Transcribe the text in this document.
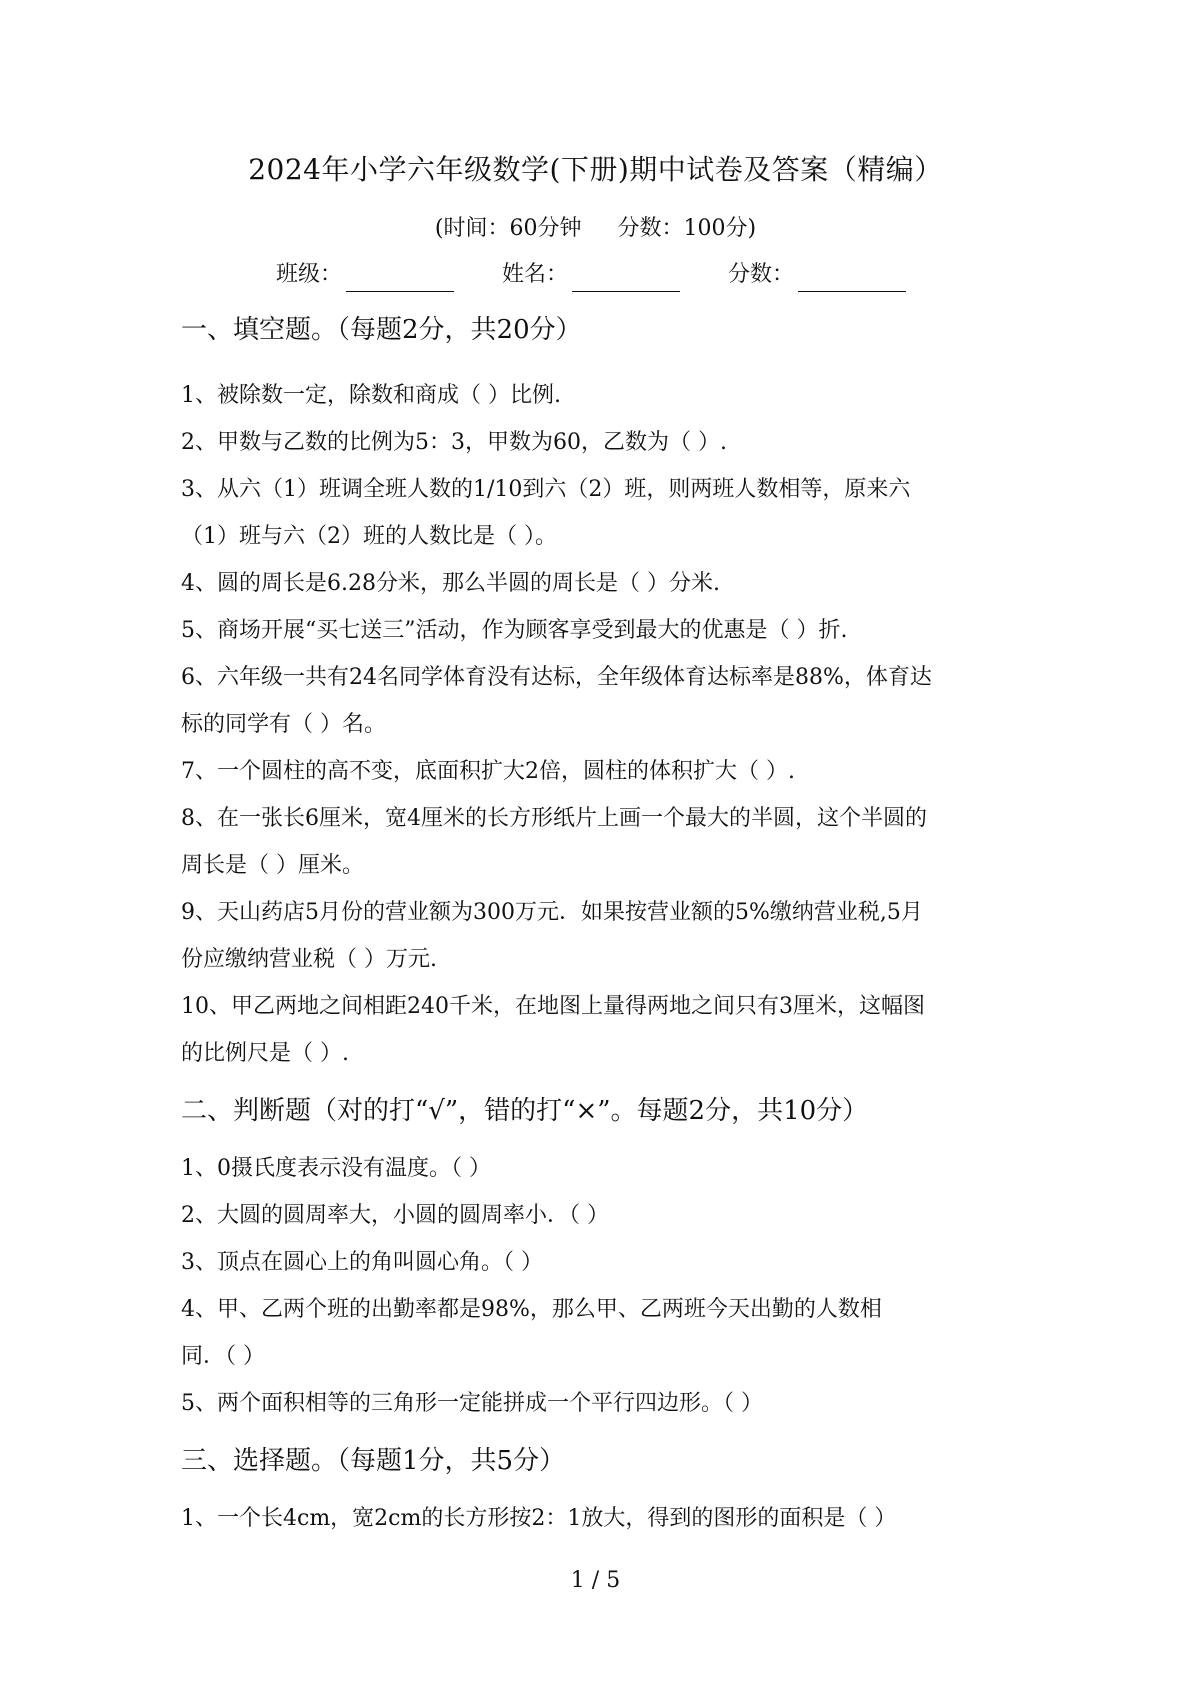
2024年小学六年级数学(下册)期中试卷及答案（精编）
(时间：60分钟 分数：100分)
班级：	姓名：	分数：

一、填空题。（每题2分，共20分）

1、被除数一定，除数和商成（ ）比例.

2、甲数与乙数的比例为5：3，甲数为60，乙数为（ ）.

3、从六（1）班调全班人数的1/10到六（2）班，则两班人数相等，原来六

（1）班与六（2）班的人数比是（ ）。

4、圆的周长是6.28分米，那么半圆的周长是（ ）分米.

5、商场开展“买七送三”活动，作为顾客享受到最大的优惠是（ ）折.

6、六年级一共有24名同学体育没有达标，全年级体育达标率是88%，体育达

标的同学有（ ）名。

7、一个圆柱的高不变，底面积扩大2倍，圆柱的体积扩大（ ）.

8、在一张长6厘米，宽4厘米的长方形纸片上画一个最大的半圆，这个半圆的

周长是（ ）厘米。

9、天山药店5月份的营业额为300万元．如果按营业额的5%缴纳营业税,5月

份应缴纳营业税（ ）万元.

10、甲乙两地之间相距240千米，在地图上量得两地之间只有3厘米，这幅图

的比例尺是（ ）.

二、判断题（对的打“√”，错的打“×”。每题2分，共10分）

1、0摄氏度表示没有温度。（ ）

2、大圆的圆周率大，小圆的圆周率小．（ ）

3、顶点在圆心上的角叫圆心角。（ ）

4、甲、乙两个班的出勤率都是98%，那么甲、乙两班今天出勤的人数相

同．（ ）

5、两个面积相等的三角形一定能拼成一个平行四边形。（ ）

三、选择题。（每题1分，共5分）

1、一个长4cm，宽2cm的长方形按2：1放大，得到的图形的面积是（ ）

1 / 5
